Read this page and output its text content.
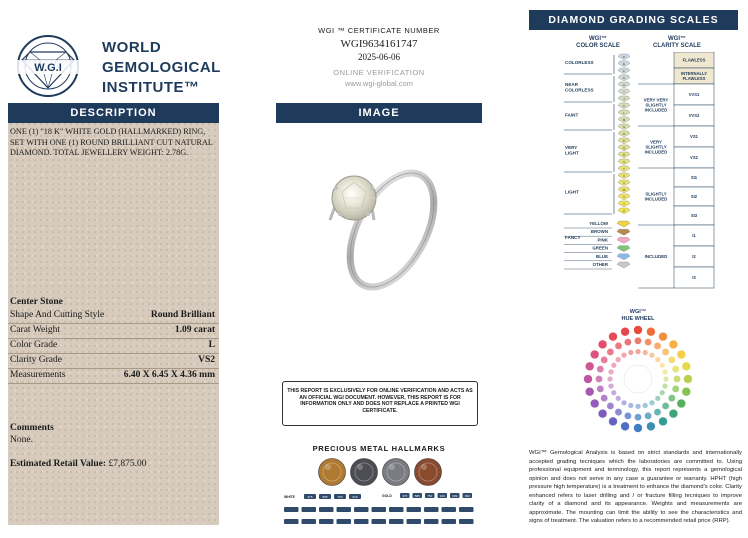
W.G.I
WORLD
GEMOLOGICAL
INSTITUTE™
DESCRIPTION
ONE (1) "18 K" WHITE GOLD (HALLMARKED) RING, SET WITH ONE (1) ROUND BRILLIANT CUT NATURAL DIAMOND. TOTAL JEWELLERY WEIGHT: 2.78G.
Center Stone
Shape And Cutting Style	Round Brilliant
Carat Weight	1.09 carat
Color Grade	L
Clarity Grade	VS2
Measurements	6.40 X 6.45 X 4.36 mm
Comments
None.
Estimated Retail Value: £7,875.00
WGI ™ CERTIFICATE NUMBER
WGI9634161747
2025-06-06
ONLINE VERIFICATION
www.wgi-global.com
IMAGE
THIS REPORT IS EXCLUSIVELY FOR ONLINE VERIFICATION AND ACTS AS AN OFFICIAL WGI DOCUMENT. HOWEVER, THIS REPORT IS FOR INFORMATION ONLY AND DOES NOT REPLACE A PRINTED WGI CERTIFICATE.
PRECIOUS METAL HALLMARKS
WHITE	GOLD
375	585	750	916	375 585 750 916 999 990
DIAMOND GRADING SCALES
WGI™
COLOR SCALE
WGI™
CLARITY SCALE
D
E
F
G
H
I
J
K
L
M
N
O
P
Q
R
S
T
U
V
W
X
Y
Z
COLORLESS
NEAR
COLORLESS
FAINT
VERY
LIGHT
LIGHT
FANCY
YELLOW
BROWN
PINK
GREEN
BLUE
OTHER
FLAWLESS
INTERNALLY
FLAWLESS
VVS1
VVS2
VS1
VS2
SI1
SI2
SI3
I1
I2
I3
VERY VERY
SLIGHTLY
INCLUDED
VERY
SLIGHTLY
INCLUDED
SLIGHTLY
INCLUDED
INCLUDED
WGI™
HUE WHEEL
WGI™ Gemological Analysis is based on strict standards and internationally accepted grading tecniques which the laboratories are committed to. Using professional equipment and terminology, this report represents a gemological opinion and does not serve in any case a guarantee or warranty. HPHT (high pressure high temperature) is a treatment to enhance the diamond's color. Clarity enhanced refers to laser drilling and / or fracture filling tecniques to improve clarity of a diamond and its appearance. Weights and measurements are approximate. The mounting can limit the ability to see the characteristics and signs of treatment. The valuation refers to a recommended retail price (RRP).
